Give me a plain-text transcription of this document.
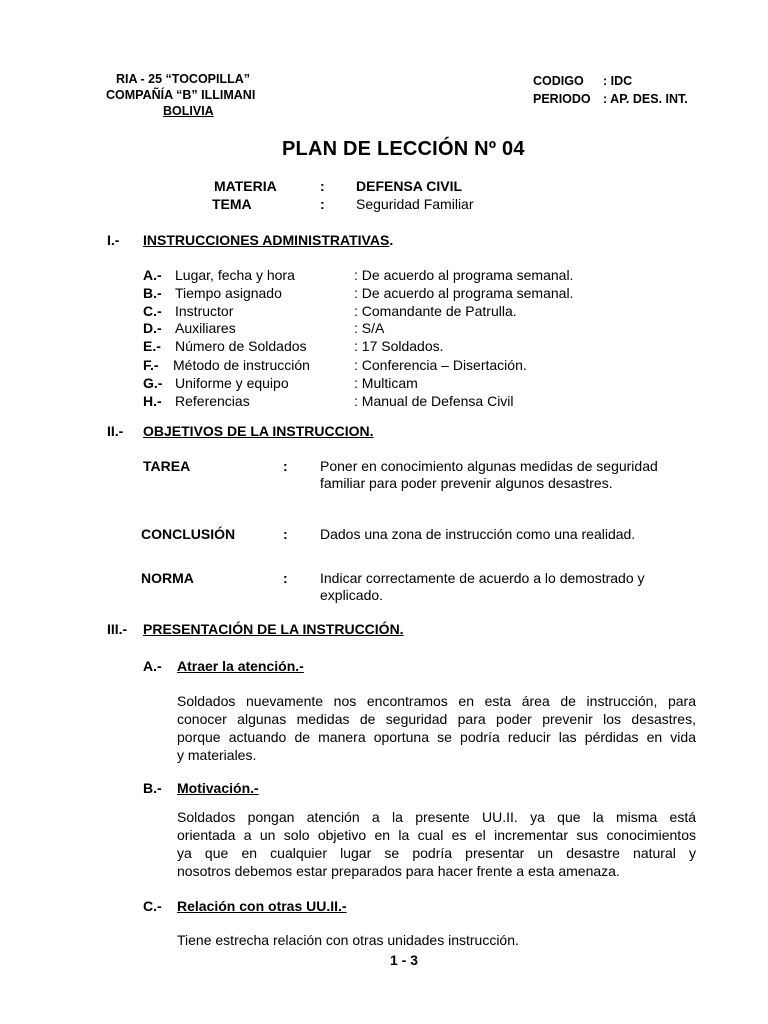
RIA - 25 “TOCOPILLA”
COMPAÑÍA “B” ILLIMANI
BOLIVIA
CODIGO : IDC
PERIODO : AP. DES. INT.
PLAN DE LECCIÓN Nº 04
MATERIA	: DEFENSA CIVIL
TEMA	: Seguridad Familiar
I.- INSTRUCCIONES ADMINISTRATIVAS.
A.- Lugar, fecha y hora	: De acuerdo al programa semanal.
B.- Tiempo asignado	: De acuerdo al programa semanal.
C.- Instructor	: Comandante de Patrulla.
D.- Auxiliares	: S/A
E.- Número de Soldados	: 17 Soldados.
F.- Método de instrucción	: Conferencia – Disertación.
G.- Uniforme y equipo	: Multicam
H.- Referencias	: Manual de Defensa Civil
II.- OBJETIVOS DE LA INSTRUCCION.
TAREA	: Poner en conocimiento algunas medidas de seguridad
familiar para poder prevenir algunos desastres.
CONCLUSIÓN	: Dados una zona de instrucción como una realidad.
NORMA	: Indicar correctamente de acuerdo a lo demostrado y
explicado.
III.- PRESENTACIÓN DE LA INSTRUCCIÓN.
A.- Atraer la atención.-
Soldados nuevamente nos encontramos en esta área de instrucción, para
conocer algunas medidas de seguridad para poder prevenir los desastres,
porque actuando de manera oportuna se podría reducir las pérdidas en vida
y materiales.
B.- Motivación.-
Soldados pongan atención a la presente UU.II. ya que la misma está
orientada a un solo objetivo en la cual es el incrementar sus conocimientos
ya que en cualquier lugar se podría presentar un desastre natural y
nosotros debemos estar preparados para hacer frente a esta amenaza.
C.- Relación con otras UU.II.-
Tiene estrecha relación con otras unidades instrucción.
1 - 3
